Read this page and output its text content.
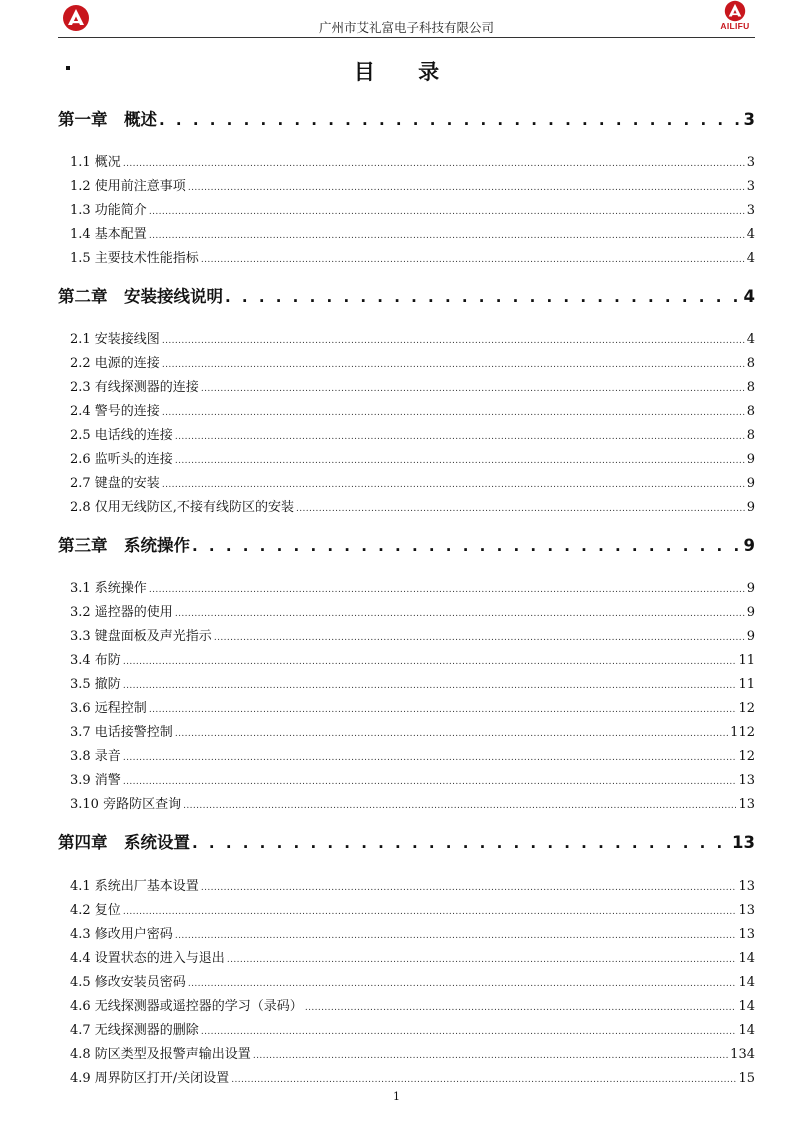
广州市艾礼富电子科技有限公司	AILIFU
目 录
第一章　概述 . . .	3
1.1 概况 .....	3
1.2 使用前注意事项 .....	3
1.3 功能简介 .....	3
1.4 基本配置 .....	4
1.5 主要技术性能指标 .....	4
第二章　安装接线说明 . . .	4
2.1 安装接线图 .....	4
2.2 电源的连接 .....	8
2.3 有线探测器的连接 .....	8
2.4 警号的连接 .....	8
2.5 电话线的连接 .....	8
2.6 监听头的连接 .....	9
2.7 键盘的安装 .....	9
2.8 仅用无线防区,不接有线防区的安装 .....	9
第三章　系统操作 . . .	9
3.1 系统操作 .....	9
3.2 遥控器的使用 .....	9
3.3 键盘面板及声光指示 .....	9
3.4 布防 .....	11
3.5 撤防 .....	11
3.6 远程控制 .....	12
3.7 电话接警控制 .....	112
3.8 录音 .....	12
3.9 消警 .....	13
3.10 旁路防区查询 .....	13
第四章　系统设置 . . .	13
4.1 系统出厂基本设置 .....	13
4.2 复位 .....	13
4.3 修改用户密码 .....	13
4.4 设置状态的进入与退出 .....	14
4.5 修改安装员密码 .....	14
4.6 无线探测器或遥控器的学习（录码） .....	14
4.7 无线探测器的删除 .....	14
4.8 防区类型及报警声输出设置 .....	134
4.9 周界防区打开/关闭设置 .....	15
1
